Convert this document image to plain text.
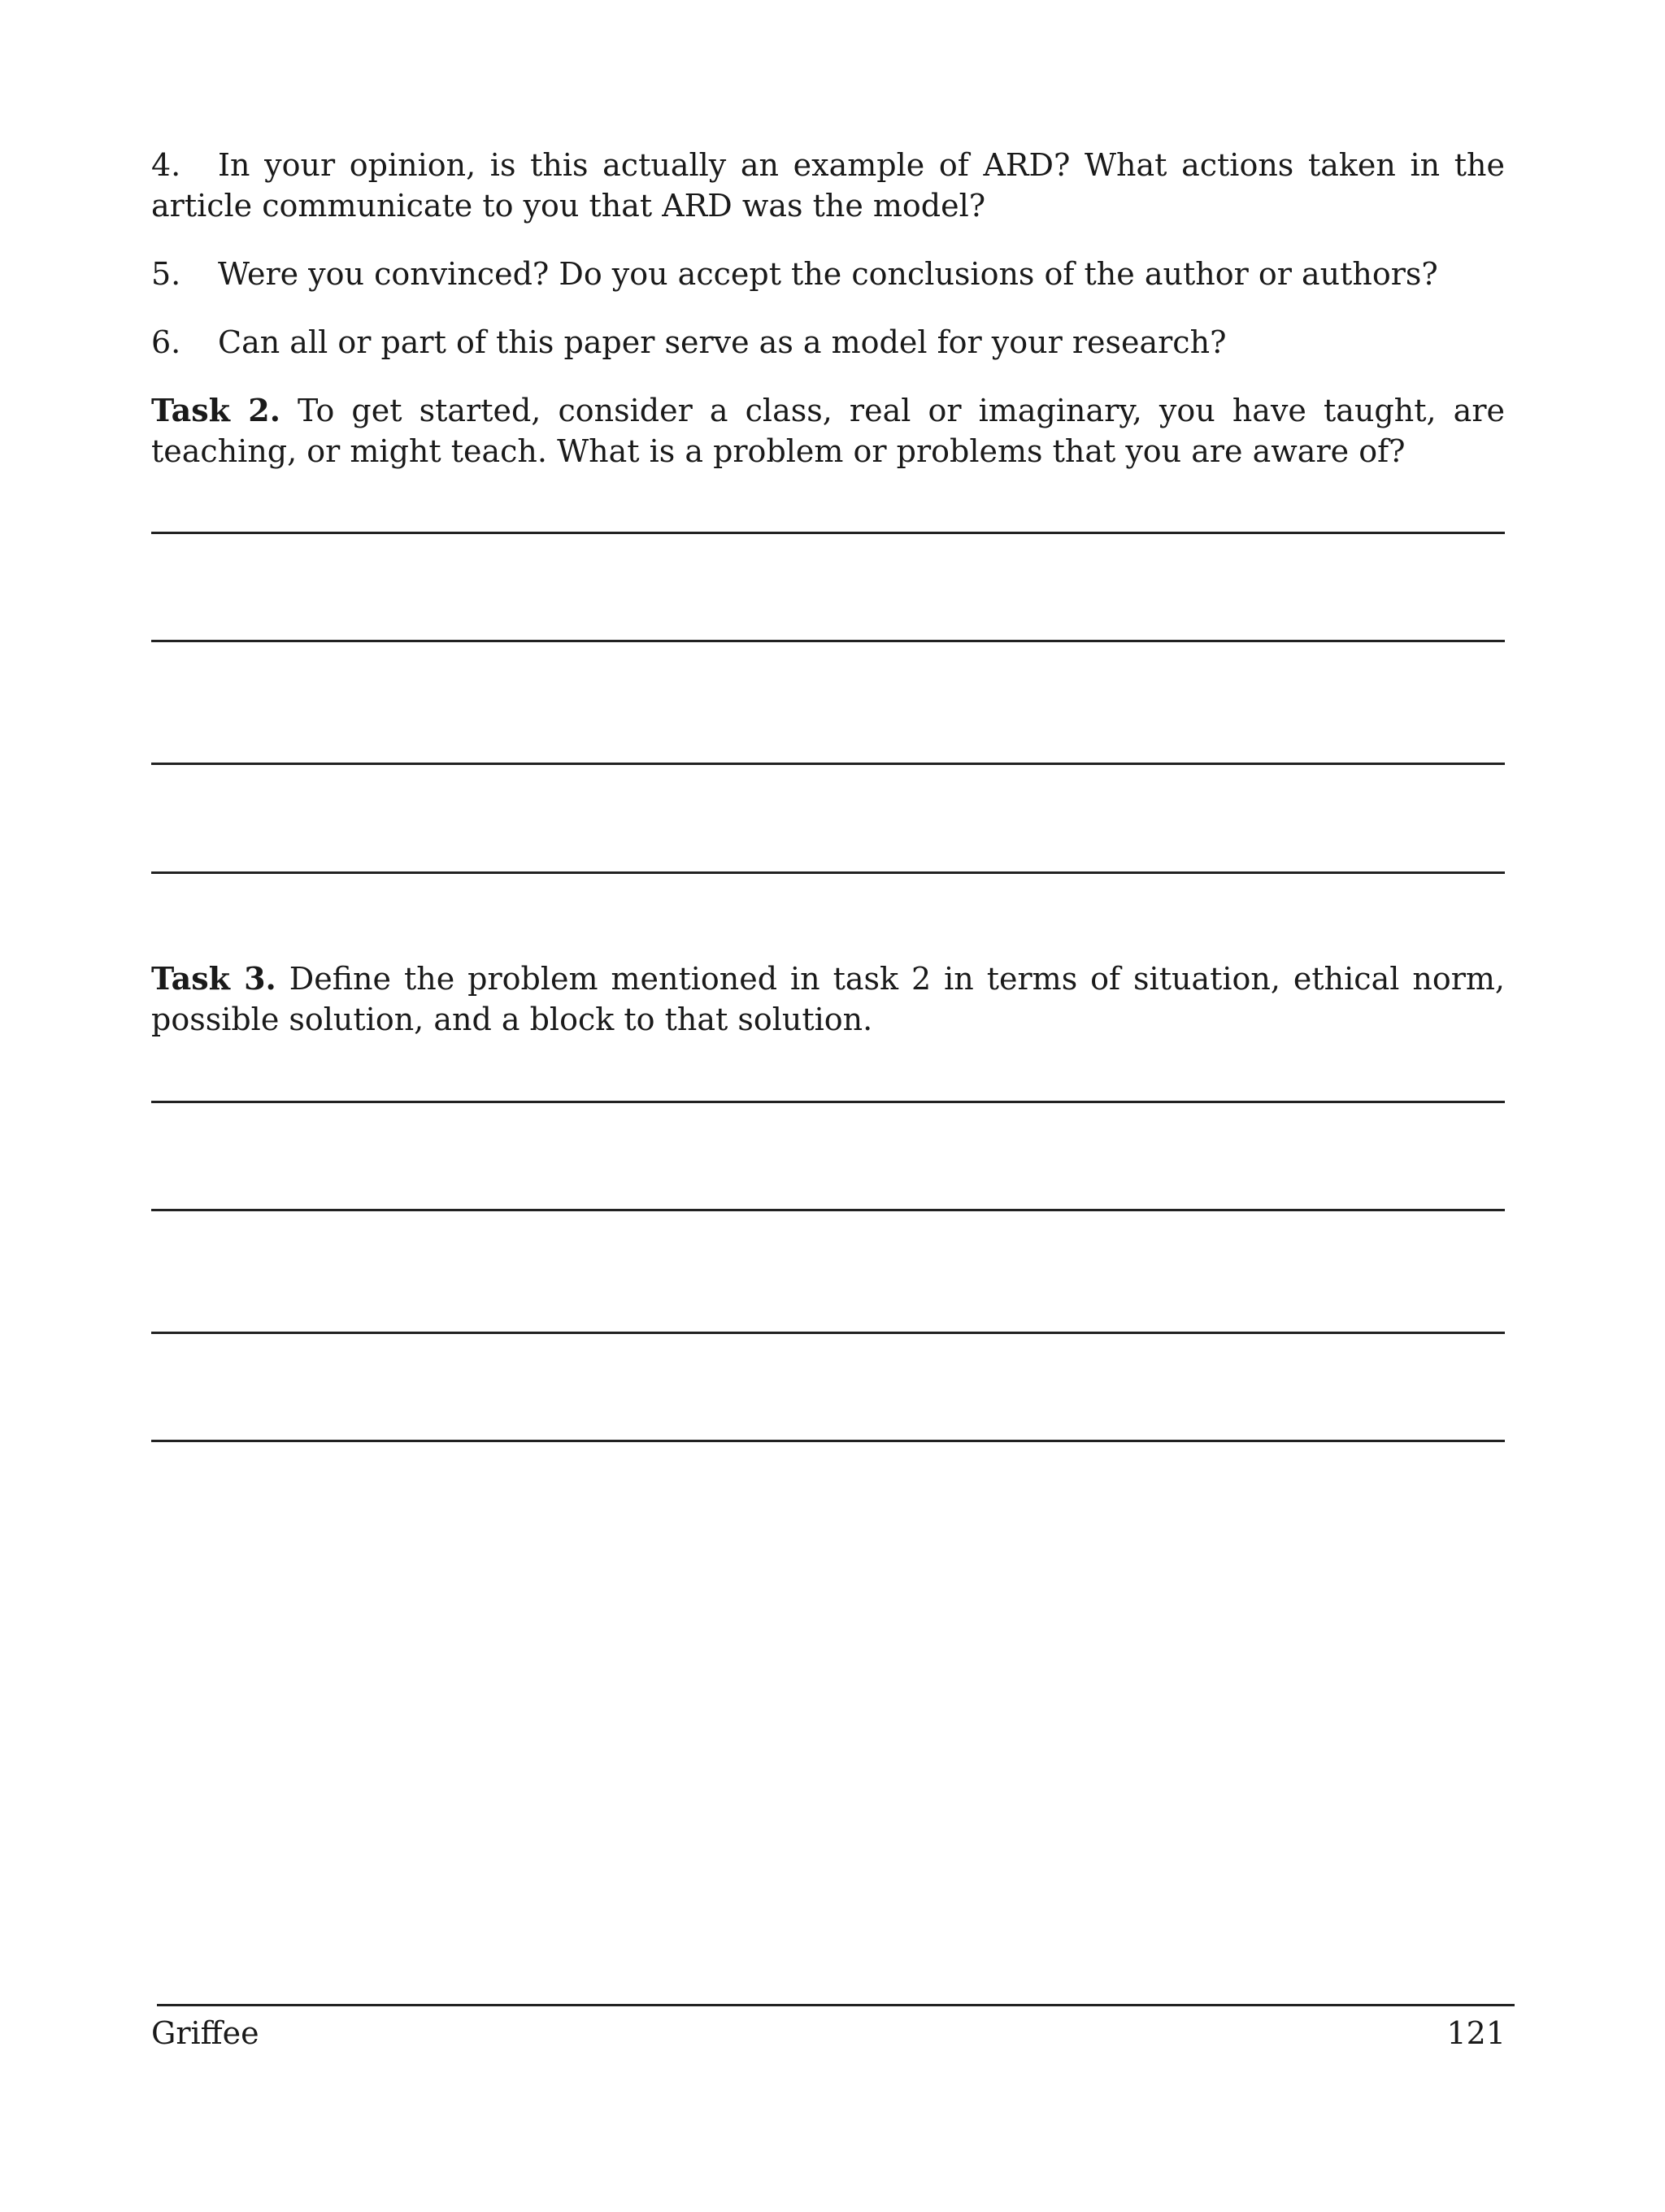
4. In your opinion, is this actually an example of ARD? What actions taken in the article communicate to you that ARD was the model?
5. Were you convinced? Do you accept the conclusions of the author or authors?
6. Can all or part of this paper serve as a model for your research?
Task 2. To get started, consider a class, real or imaginary, you have taught, are teaching, or might teach. What is a problem or problems that you are aware of?
Task 3. Define the problem mentioned in task 2 in terms of situation, ethical norm, possible solution, and a block to that solution.
Griffee	121
